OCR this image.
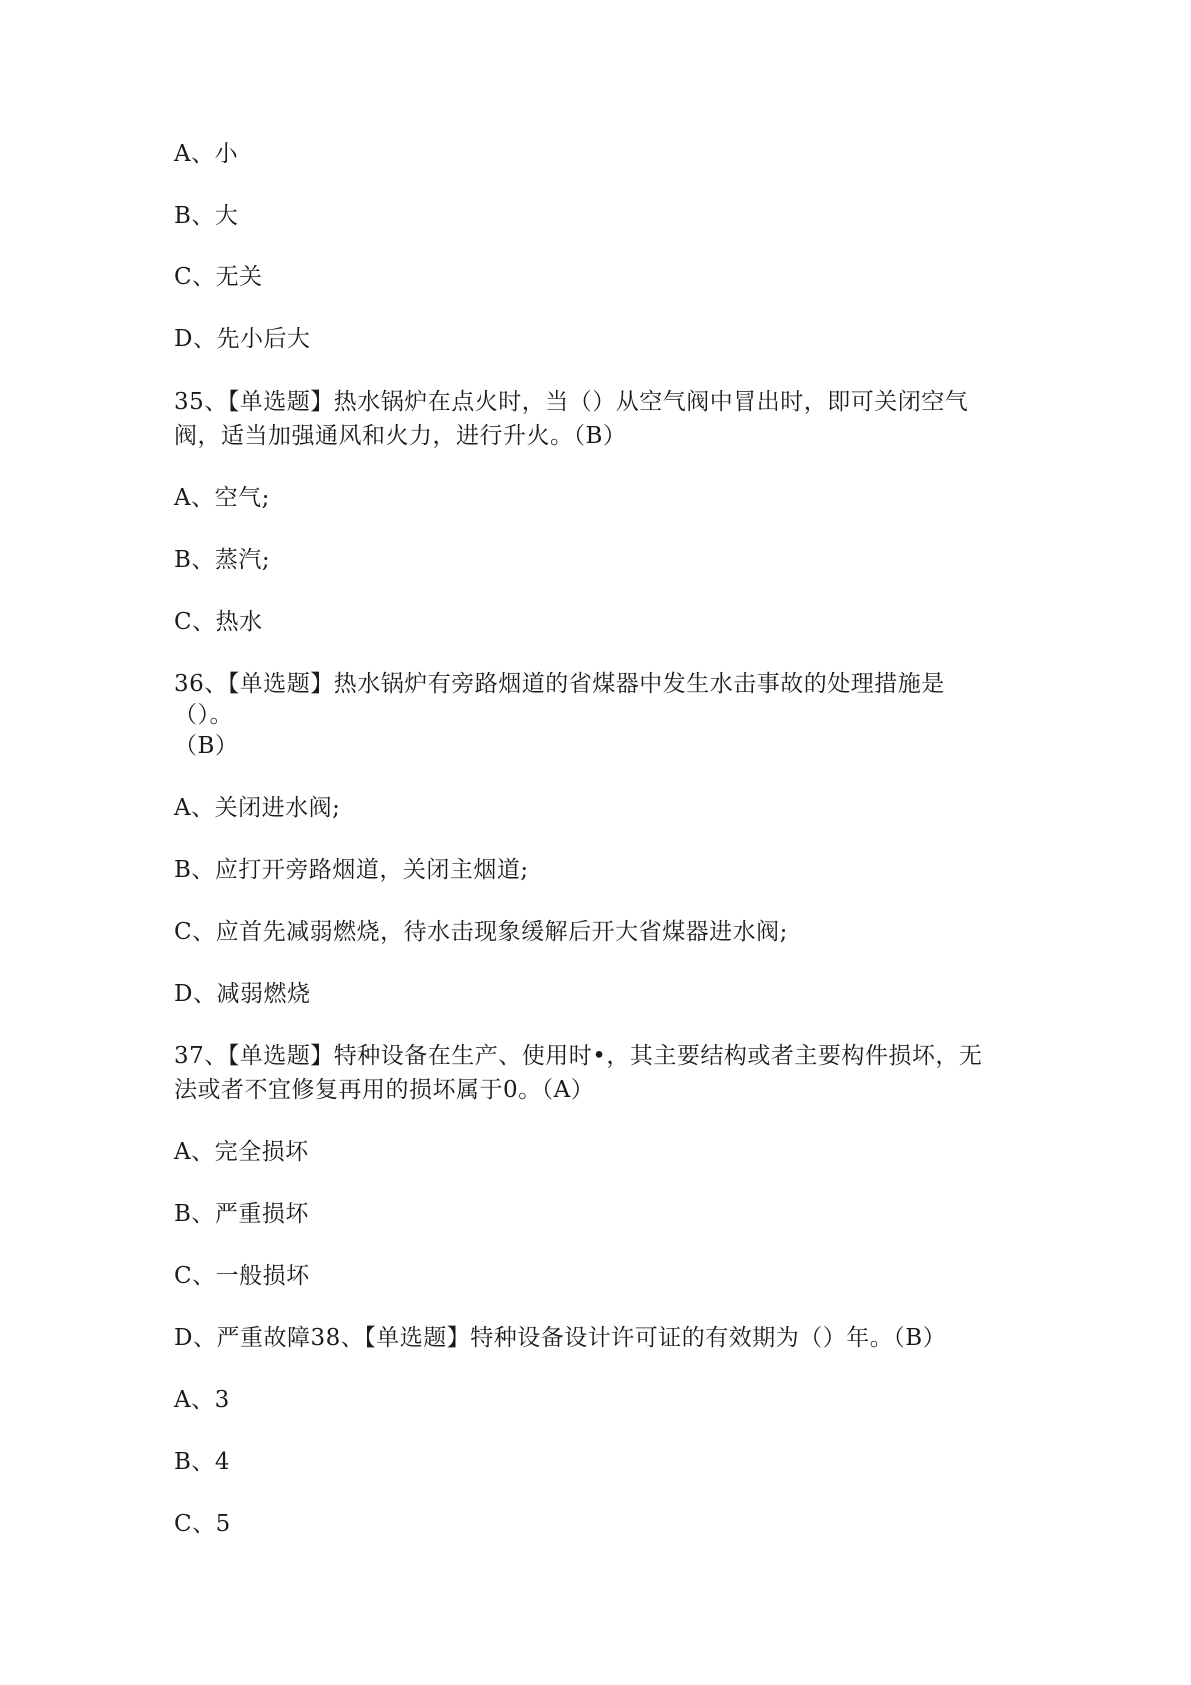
A、小
B、大
C、无关
D、先小后大
35、【单选题】热水锅炉在点火时，当（）从空气阀中冒出时，即可关闭空气
阀，适当加强通风和火力，进行升火。（B）
A、空气;
B、蒸汽;
C、热水
36、【单选题】热水锅炉有旁路烟道的省煤器中发生水击事故的处理措施是
（）。
（B）
A、关闭进水阀;
B、应打开旁路烟道，关闭主烟道;
C、应首先减弱燃烧，待水击现象缓解后开大省煤器进水阀;
D、减弱燃烧
37、【单选题】特种设备在生产、使用时•，其主要结构或者主要构件损坏，无
法或者不宜修复再用的损坏属于0。（A）
A、完全损坏
B、严重损坏
C、一般损坏
D、严重故障38、【单选题】特种设备设计许可证的有效期为（）年。（B）
A、3
B、4
C、5
